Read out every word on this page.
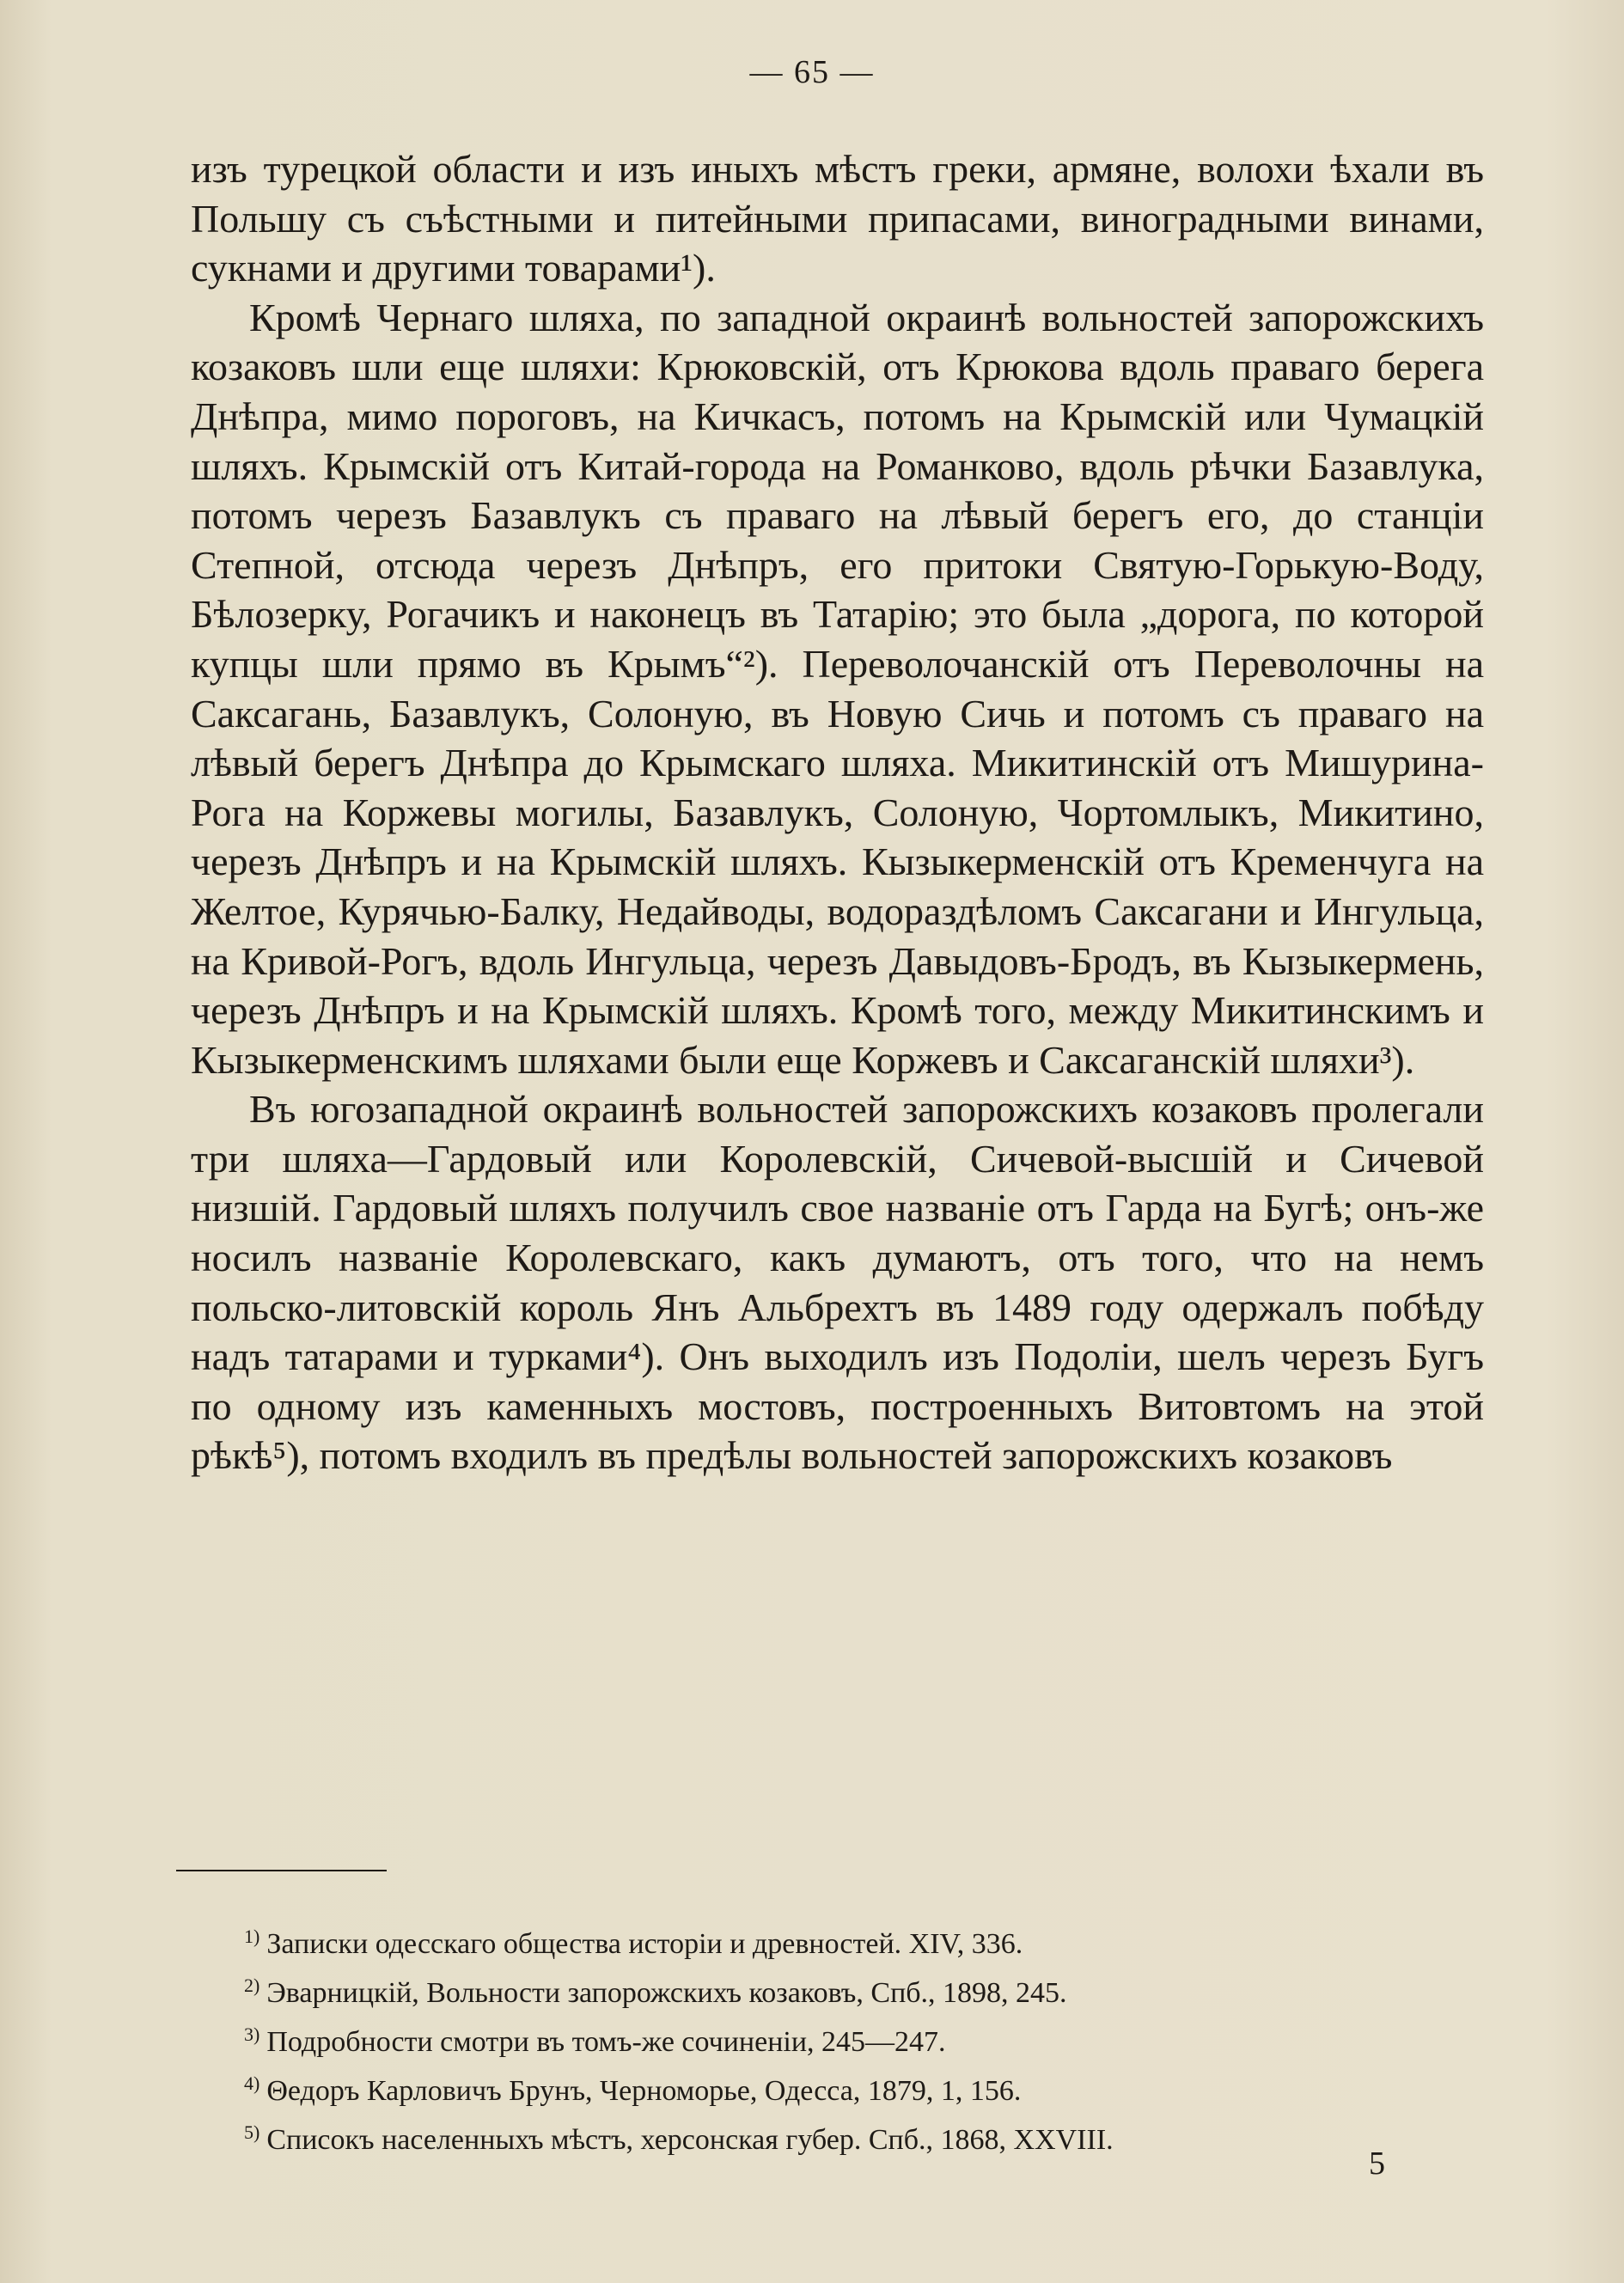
— 65 —

изъ турецкой области и изъ иныхъ мѣстъ греки, армяне, волохи ѣхали въ Польшу съ съѣстными и питейными припасами, виноградными винами, сукнами и другими товарами¹).

Кромѣ Чернаго шляха, по западной окраинѣ вольностей запорожскихъ козаковъ шли еще шляхи: Крюковскій, отъ Крюкова вдоль праваго берега Днѣпра, мимо пороговъ, на Кичкасъ, потомъ на Крымскій или Чумацкій шляхъ. Крымскій отъ Китай-города на Романково, вдоль рѣчки Базавлука, потомъ черезъ Базавлукъ съ праваго на лѣвый берегъ его, до станціи Степной, отсюда черезъ Днѣпръ, его притоки Святую-Горькую-Воду, Бѣлозерку, Рогачикъ и наконецъ въ Татарію; это была „дорога, по которой купцы шли прямо въ Крымъ“²). Переволочанскій отъ Переволочны на Саксагань, Базавлукъ, Солоную, въ Новую Сичь и потомъ съ праваго на лѣвый берегъ Днѣпра до Крымскаго шляха. Микитинскій отъ Мишурина-Рога на Коржевы могилы, Базавлукъ, Солоную, Чортомлыкъ, Микитино, черезъ Днѣпръ и на Крымскій шляхъ. Кызыкерменскій отъ Кременчуга на Желтое, Курячью-Балку, Недайводы, водораздѣломъ Саксагани и Ингульца, на Кривой-Рогъ, вдоль Ингульца, черезъ Давыдовъ-Бродъ, въ Кызыкермень, черезъ Днѣпръ и на Крымскій шляхъ. Кромѣ того, между Микитинскимъ и Кызыкерменскимъ шляхами были еще Коржевъ и Саксаганскій шляхи³).

Въ югозападной окраинѣ вольностей запорожскихъ козаковъ пролегали три шляха—Гардовый или Королевскій, Сичевой-высшій и Сичевой низшій. Гардовый шляхъ получилъ свое названіе отъ Гарда на Бугѣ; онъ-же носилъ названіе Королевскаго, какъ думаютъ, отъ того, что на немъ польско-литовскій король Янъ Альбрехтъ въ 1489 году одержалъ побѣду надъ татарами и турками⁴). Онъ выходилъ изъ Подоліи, шелъ черезъ Бугъ по одному изъ каменныхъ мостовъ, построенныхъ Витовтомъ на этой рѣкѣ⁵), потомъ входилъ въ предѣлы вольностей запорожскихъ козаковъ

$^{1)}$ Записки одесскаго общества исторіи и древностей. XIV, 336.

$^{2)}$ Эварницкій, Вольности запорожскихъ козаковъ, Спб., 1898, 245.

$^{3)}$ Подробности смотри въ томъ-же сочиненіи, 245—247.

$^{4)}$ Θедоръ Карловичъ Брунъ, Черноморье, Одесса, 1879, 1, 156.

$^{5)}$ Списокъ населенныхъ мѣстъ, херсонская губер. Спб., 1868, XXVIII.

5
